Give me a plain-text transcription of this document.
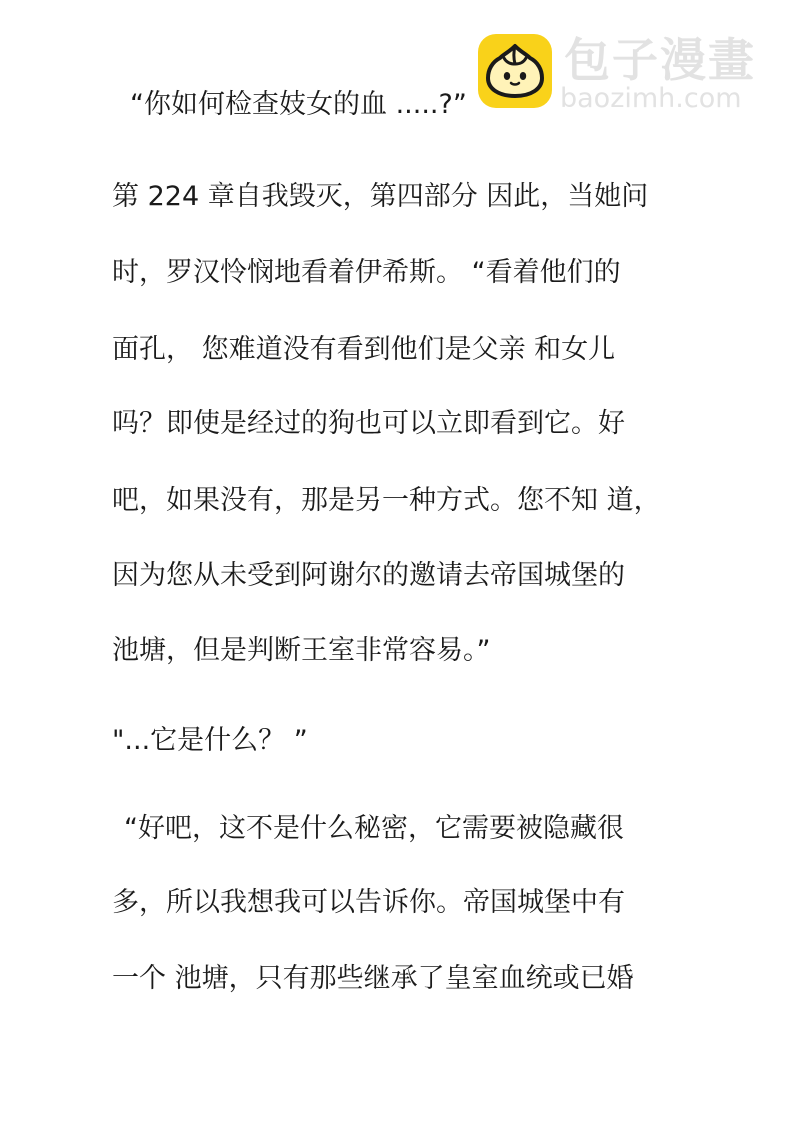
包子漫畫
baozimh.com
“你如何检查妓女的血 .....?”
第 224 章自我毁灭，第四部分 因此，当她问
时，罗汉怜悯地看着伊希斯。 “看着他们的
面孔， 您难道没有看到他们是父亲 和女儿
吗？即使是经过的狗也可以立即看到它。好
吧，如果没有，那是另一种方式。您不知 道，
因为您从未受到阿谢尔的邀请去帝国城堡的
池塘，但是判断王室非常容易。”
"...它是什么？ ”
“好吧，这不是什么秘密，它需要被隐藏很
多，所以我想我可以告诉你。帝国城堡中有
一个 池塘，只有那些继承了皇室血统或已婚
